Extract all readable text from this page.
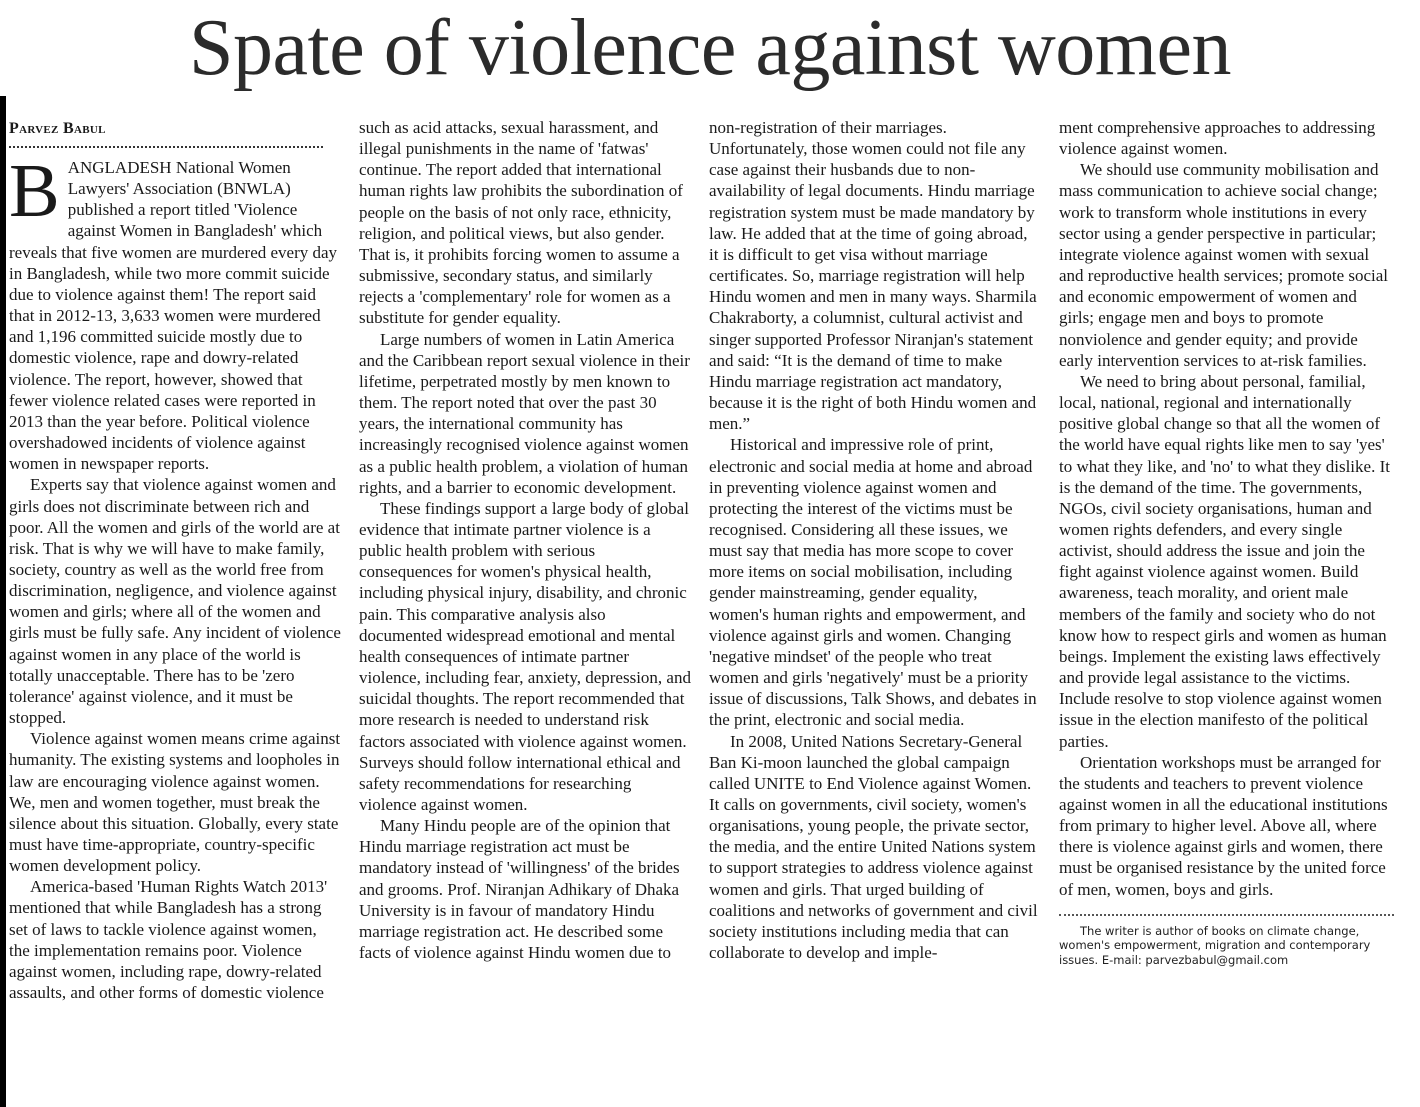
Spate of violence against women
Parvez Babul
B ANGLADESH National Women Lawyers' Association (BNWLA) published a report titled 'Violence against Women in Bangladesh' which reveals that five women are murdered every day in Bangladesh, while two more commit suicide due to violence against them! The report said that in 2012-13, 3,633 women were murdered and 1,196 committed suicide mostly due to domestic violence, rape and dowry-related violence. The report, however, showed that fewer violence related cases were reported in 2013 than the year before. Political violence overshadowed incidents of violence against women in newspaper reports.

Experts say that violence against women and girls does not discriminate between rich and poor. All the women and girls of the world are at risk. That is why we will have to make family, society, country as well as the world free from discrimination, negligence, and violence against women and girls; where all of the women and girls must be fully safe. Any incident of violence against women in any place of the world is totally unacceptable. There has to be 'zero tolerance' against violence, and it must be stopped.

Violence against women means crime against humanity. The existing systems and loopholes in law are encouraging violence against women. We, men and women together, must break the silence about this situation. Globally, every state must have time-appropriate, country-specific women development policy.

America-based 'Human Rights Watch 2013' mentioned that while Bangladesh has a strong set of laws to tackle violence against women, the implementation remains poor. Violence against women, including rape, dowry-related assaults, and other forms of domestic violence

such as acid attacks, sexual harassment, and illegal punishments in the name of 'fatwas' continue. The report added that international human rights law prohibits the subordination of people on the basis of not only race, ethnicity, religion, and political views, but also gender. That is, it prohibits forcing women to assume a submissive, secondary status, and similarly rejects a 'complementary' role for women as a substitute for gender equality.

Large numbers of women in Latin America and the Caribbean report sexual violence in their lifetime, perpetrated mostly by men known to them. The report noted that over the past 30 years, the international community has increasingly recognised violence against women as a public health problem, a violation of human rights, and a barrier to economic development.

These findings support a large body of global evidence that intimate partner violence is a public health problem with serious consequences for women's physical health, including physical injury, disability, and chronic pain. This comparative analysis also documented widespread emotional and mental health consequences of intimate partner violence, including fear, anxiety, depression, and suicidal thoughts. The report recommended that more research is needed to understand risk factors associated with violence against women. Surveys should follow international ethical and safety recommendations for researching violence against women.

Many Hindu people are of the opinion that Hindu marriage registration act must be mandatory instead of 'willingness' of the brides and grooms. Prof. Niranjan Adhikary of Dhaka University is in favour of mandatory Hindu marriage registration act. He described some facts of violence against Hindu women due to

non-registration of their marriages. Unfortunately, those women could not file any case against their husbands due to non-availability of legal documents. Hindu marriage registration system must be made mandatory by law. He added that at the time of going abroad, it is difficult to get visa without marriage certificates. So, marriage registration will help Hindu women and men in many ways. Sharmila Chakraborty, a columnist, cultural activist and singer supported Professor Niranjan's statement and said: “It is the demand of time to make Hindu marriage registration act mandatory, because it is the right of both Hindu women and men.”

Historical and impressive role of print, electronic and social media at home and abroad in preventing violence against women and protecting the interest of the victims must be recognised. Considering all these issues, we must say that media has more scope to cover more items on social mobilisation, including gender mainstreaming, gender equality, women's human rights and empowerment, and violence against girls and women. Changing 'negative mindset' of the people who treat women and girls 'negatively' must be a priority issue of discussions, Talk Shows, and debates in the print, electronic and social media.

In 2008, United Nations Secretary-General Ban Ki-moon launched the global campaign called UNITE to End Violence against Women. It calls on governments, civil society, women's organisations, young people, the private sector, the media, and the entire United Nations system to support strategies to address violence against women and girls. That urged building of coalitions and networks of government and civil society institutions including media that can collaborate to develop and imple-

ment comprehensive approaches to addressing violence against women.

We should use community mobilisation and mass communication to achieve social change; work to transform whole institutions in every sector using a gender perspective in particular; integrate violence against women with sexual and reproductive health services; promote social and economic empowerment of women and girls; engage men and boys to promote nonviolence and gender equity; and provide early intervention services to at-risk families.

We need to bring about personal, familial, local, national, regional and internationally positive global change so that all the women of the world have equal rights like men to say 'yes' to what they like, and 'no' to what they dislike. It is the demand of the time. The governments, NGOs, civil society organisations, human and women rights defenders, and every single activist, should address the issue and join the fight against violence against women. Build awareness, teach morality, and orient male members of the family and society who do not know how to respect girls and women as human beings. Implement the existing laws effectively and provide legal assistance to the victims. Include resolve to stop violence against women issue in the election manifesto of the political parties.

Orientation workshops must be arranged for the students and teachers to prevent violence against women in all the educational institutions from primary to higher level. Above all, where there is violence against girls and women, there must be organised resistance by the united force of men, women, boys and girls.

The writer is author of books on climate change, women's empowerment, migration and contemporary issues. E-mail: parvezbabul@gmail.com
